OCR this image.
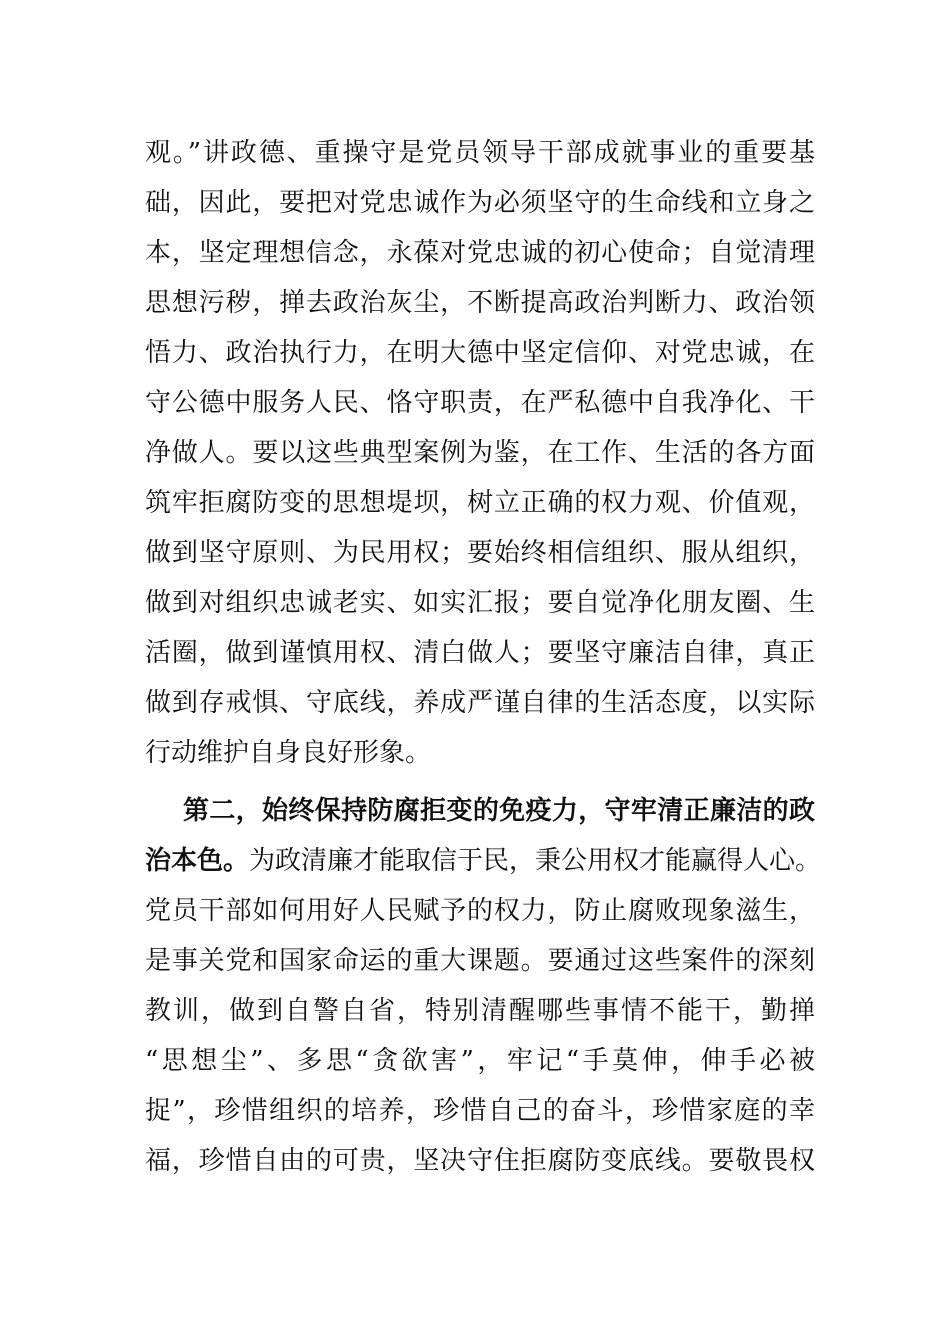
观。”讲政德、重操守是党员领导干部成就事业的重要基
础，因此，要把对党忠诚作为必须坚守的生命线和立身之
本，坚定理想信念，永葆对党忠诚的初心使命；自觉清理
思想污秽，掸去政治灰尘，不断提高政治判断力、政治领
悟力、政治执行力，在明大德中坚定信仰、对党忠诚，在
守公德中服务人民、恪守职责，在严私德中自我净化、干
净做人。要以这些典型案例为鉴，在工作、生活的各方面
筑牢拒腐防变的思想堤坝，树立正确的权力观、价值观，
做到坚守原则、为民用权；要始终相信组织、服从组织，
做到对组织忠诚老实、如实汇报；要自觉净化朋友圈、生
活圈，做到谨慎用权、清白做人；要坚守廉洁自律，真正
做到存戒惧、守底线，养成严谨自律的生活态度，以实际
行动维护自身良好形象。
第二，始终保持防腐拒变的免疫力，守牢清正廉洁的政
治本色。为政清廉才能取信于民，秉公用权才能赢得人心。
党员干部如何用好人民赋予的权力，防止腐败现象滋生，
是事关党和国家命运的重大课题。要通过这些案件的深刻
教训，做到自警自省，特别清醒哪些事情不能干，勤掸
“思想尘”、多思“贪欲害”，牢记“手莫伸，伸手必被
捉”，珍惜组织的培养，珍惜自己的奋斗，珍惜家庭的幸
福，珍惜自由的可贵，坚决守住拒腐防变底线。要敬畏权
